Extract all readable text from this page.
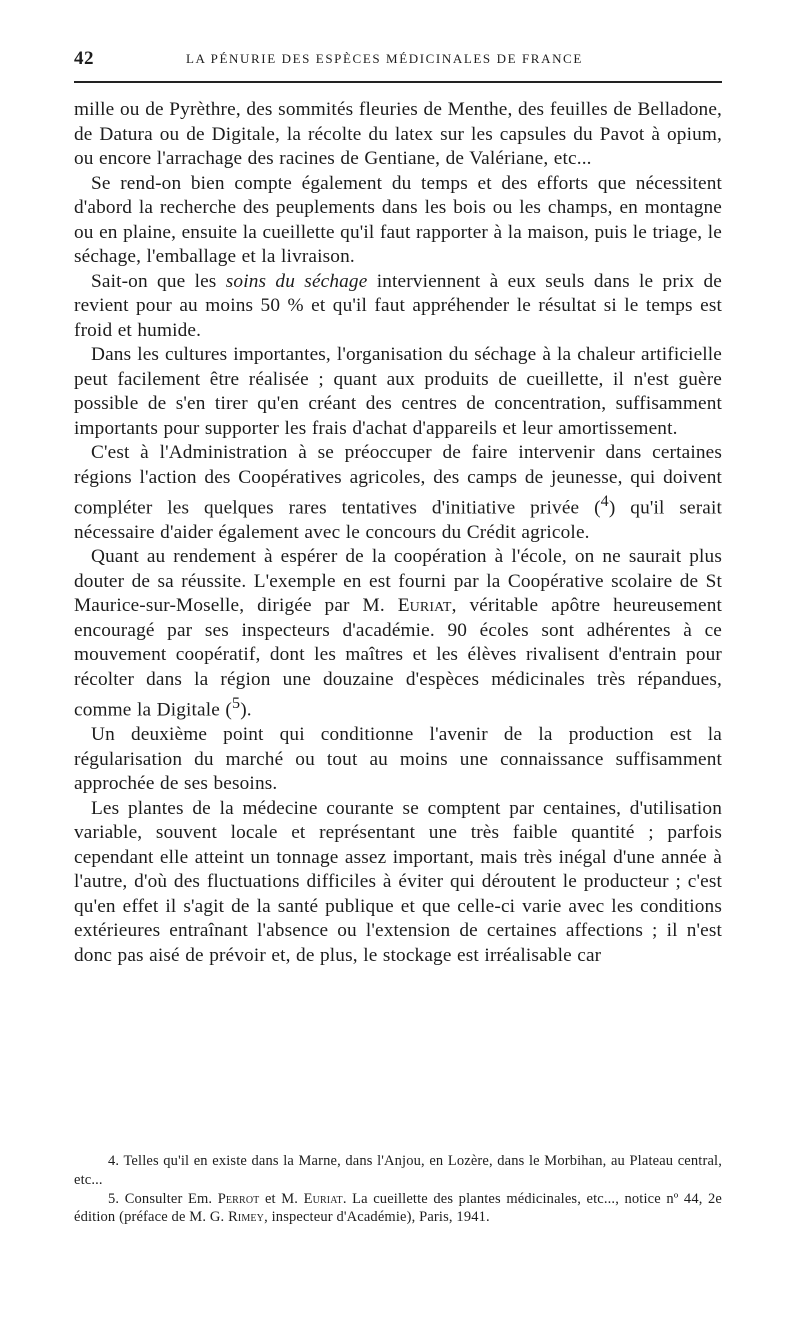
42	LA PÉNURIE DES ESPÈCES MÉDICINALES DE FRANCE

mille ou de Pyrèthre, des sommités fleuries de Menthe, des feuilles de Belladone, de Datura ou de Digitale, la récolte du latex sur les capsules du Pavot à opium, ou encore l'arrachage des racines de Gentiane, de Valériane, etc...

Se rend-on bien compte également du temps et des efforts que nécessitent d'abord la recherche des peuplements dans les bois ou les champs, en montagne ou en plaine, ensuite la cueillette qu'il faut rapporter à la maison, puis le triage, le séchage, l'emballage et la livraison.

Sait-on que les soins du séchage interviennent à eux seuls dans le prix de revient pour au moins 50 % et qu'il faut appréhender le résultat si le temps est froid et humide.

Dans les cultures importantes, l'organisation du séchage à la chaleur artificielle peut facilement être réalisée ; quant aux produits de cueillette, il n'est guère possible de s'en tirer qu'en créant des centres de concentration, suffisamment importants pour supporter les frais d'achat d'appareils et leur amortissement.

C'est à l'Administration à se préoccuper de faire intervenir dans certaines régions l'action des Coopératives agricoles, des camps de jeunesse, qui doivent compléter les quelques rares tentatives d'initiative privée ($^4$) qu'il serait nécessaire d'aider également avec le concours du Crédit agricole.

Quant au rendement à espérer de la coopération à l'école, on ne saurait plus douter de sa réussite. L'exemple en est fourni par la Coopérative scolaire de St Maurice-sur-Moselle, dirigée par M. Euriat, véritable apôtre heureusement encouragé par ses inspecteurs d'académie. 90 écoles sont adhérentes à ce mouvement coopératif, dont les maîtres et les élèves rivalisent d'entrain pour récolter dans la région une douzaine d'espèces médicinales très répandues, comme la Digitale ($^5$).

Un deuxième point qui conditionne l'avenir de la production est la régularisation du marché ou tout au moins une connaissance suffisamment approchée de ses besoins.

Les plantes de la médecine courante se comptent par centaines, d'utilisation variable, souvent locale et représentant une très faible quantité ; parfois cependant elle atteint un tonnage assez important, mais très inégal d'une année à l'autre, d'où des fluctuations difficiles à éviter qui déroutent le producteur ; c'est qu'en effet il s'agit de la santé publique et que celle-ci varie avec les conditions extérieures entraînant l'absence ou l'extension de certaines affections ; il n'est donc pas aisé de prévoir et, de plus, le stockage est irréalisable car

4. Telles qu'il en existe dans la Marne, dans l'Anjou, en Lozère, dans le Morbihan, au Plateau central, etc...

5. Consulter Em. Perrot et M. Euriat. La cueillette des plantes médicinales, etc..., notice nº 44, 2e édition (préface de M. G. Rimey, inspecteur d'Académie), Paris, 1941.
